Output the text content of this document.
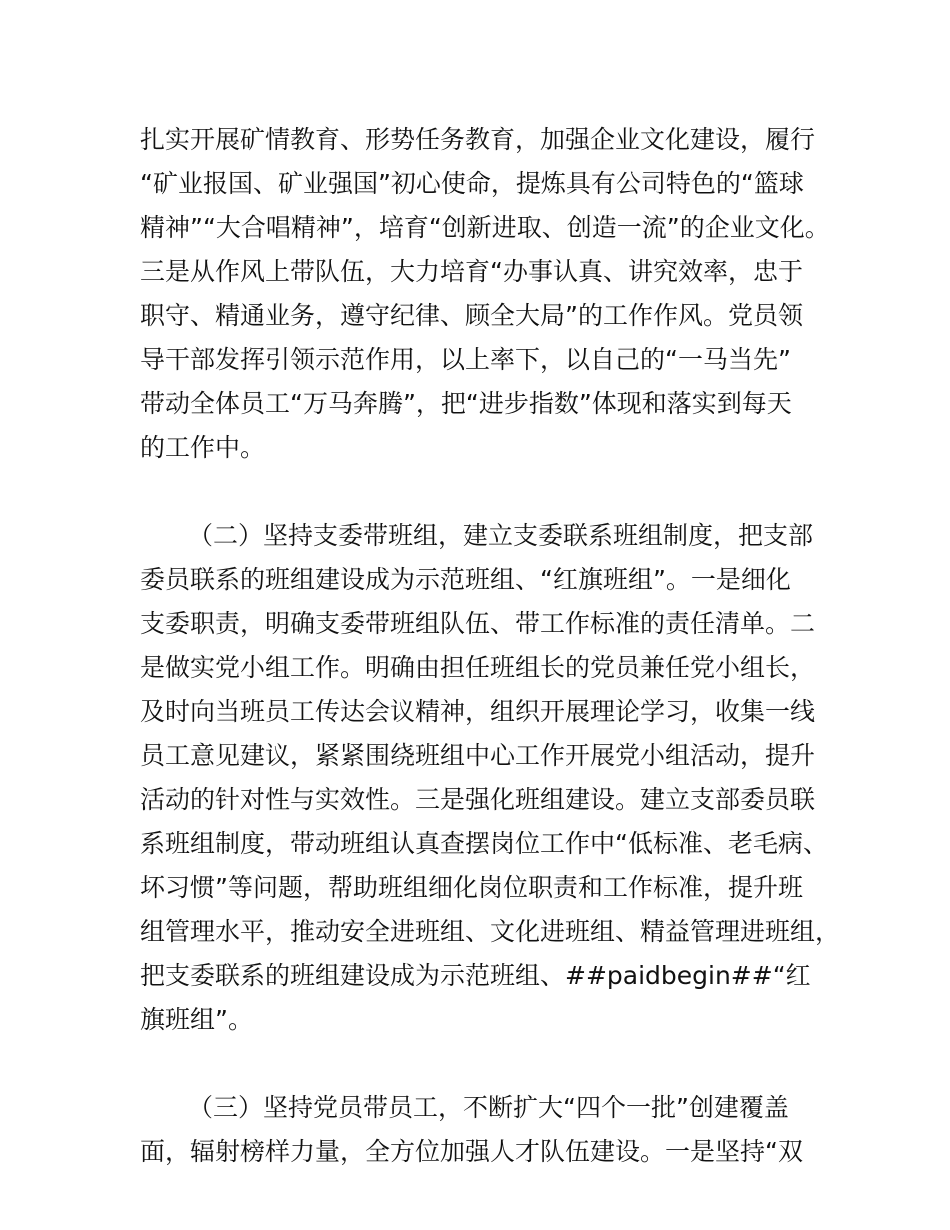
扎实开展矿情教育、形势任务教育，加强企业文化建设，履行
“矿业报国、矿业强国”初心使命，提炼具有公司特色的“篮球
精神”“大合唱精神”，培育“创新进取、创造一流”的企业文化。
三是从作风上带队伍，大力培育“办事认真、讲究效率，忠于
职守、精通业务，遵守纪律、顾全大局”的工作作风。党员领
导干部发挥引领示范作用，以上率下，以自己的“一马当先”
带动全体员工“万马奔腾”，把“进步指数”体现和落实到每天
的工作中。
（二）坚持支委带班组，建立支委联系班组制度，把支部
委员联系的班组建设成为示范班组、“红旗班组”。一是细化
支委职责，明确支委带班组队伍、带工作标准的责任清单。二
是做实党小组工作。明确由担任班组长的党员兼任党小组长，
及时向当班员工传达会议精神，组织开展理论学习，收集一线
员工意见建议，紧紧围绕班组中心工作开展党小组活动，提升
活动的针对性与实效性。三是强化班组建设。建立支部委员联
系班组制度，带动班组认真查摆岗位工作中“低标准、老毛病、
坏习惯”等问题，帮助班组细化岗位职责和工作标准，提升班
组管理水平，推动安全进班组、文化进班组、精益管理进班组，
把支委联系的班组建设成为示范班组、##paidbegin##“红
旗班组”。
（三）坚持党员带员工，不断扩大“四个一批”创建覆盖
面，辐射榜样力量，全方位加强人才队伍建设。一是坚持“双
